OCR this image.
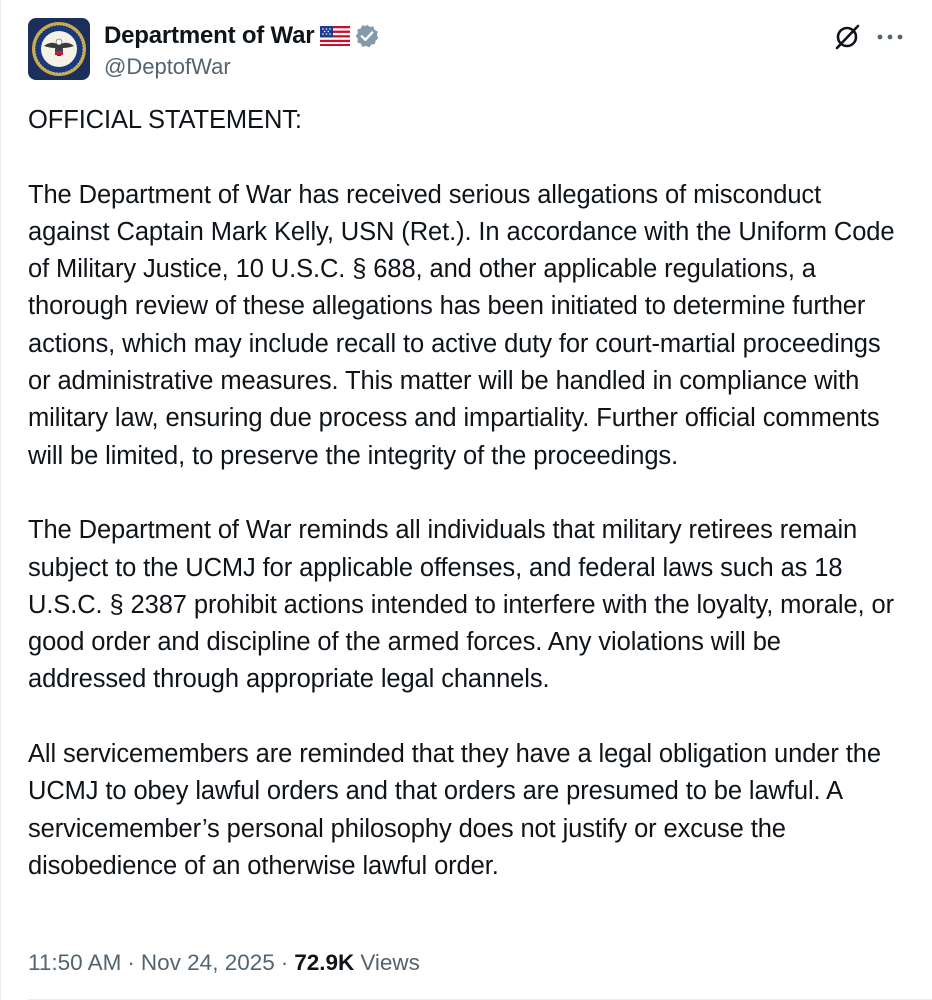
Department of War
@DeptofWar

OFFICIAL STATEMENT:

The Department of War has received serious allegations of misconduct against Captain Mark Kelly, USN (Ret.). In accordance with the Uniform Code of Military Justice, 10 U.S.C. § 688, and other applicable regulations, a thorough review of these allegations has been initiated to determine further actions, which may include recall to active duty for court-martial proceedings or administrative measures. This matter will be handled in compliance with military law, ensuring due process and impartiality. Further official comments will be limited, to preserve the integrity of the proceedings.

The Department of War reminds all individuals that military retirees remain subject to the UCMJ for applicable offenses, and federal laws such as 18 U.S.C. § 2387 prohibit actions intended to interfere with the loyalty, morale, or good order and discipline of the armed forces. Any violations will be addressed through appropriate legal channels.

All servicemembers are reminded that they have a legal obligation under the UCMJ to obey lawful orders and that orders are presumed to be lawful. A servicemember’s personal philosophy does not justify or excuse the disobedience of an otherwise lawful order.

11:50 AM · Nov 24, 2025 · 72.9K Views
